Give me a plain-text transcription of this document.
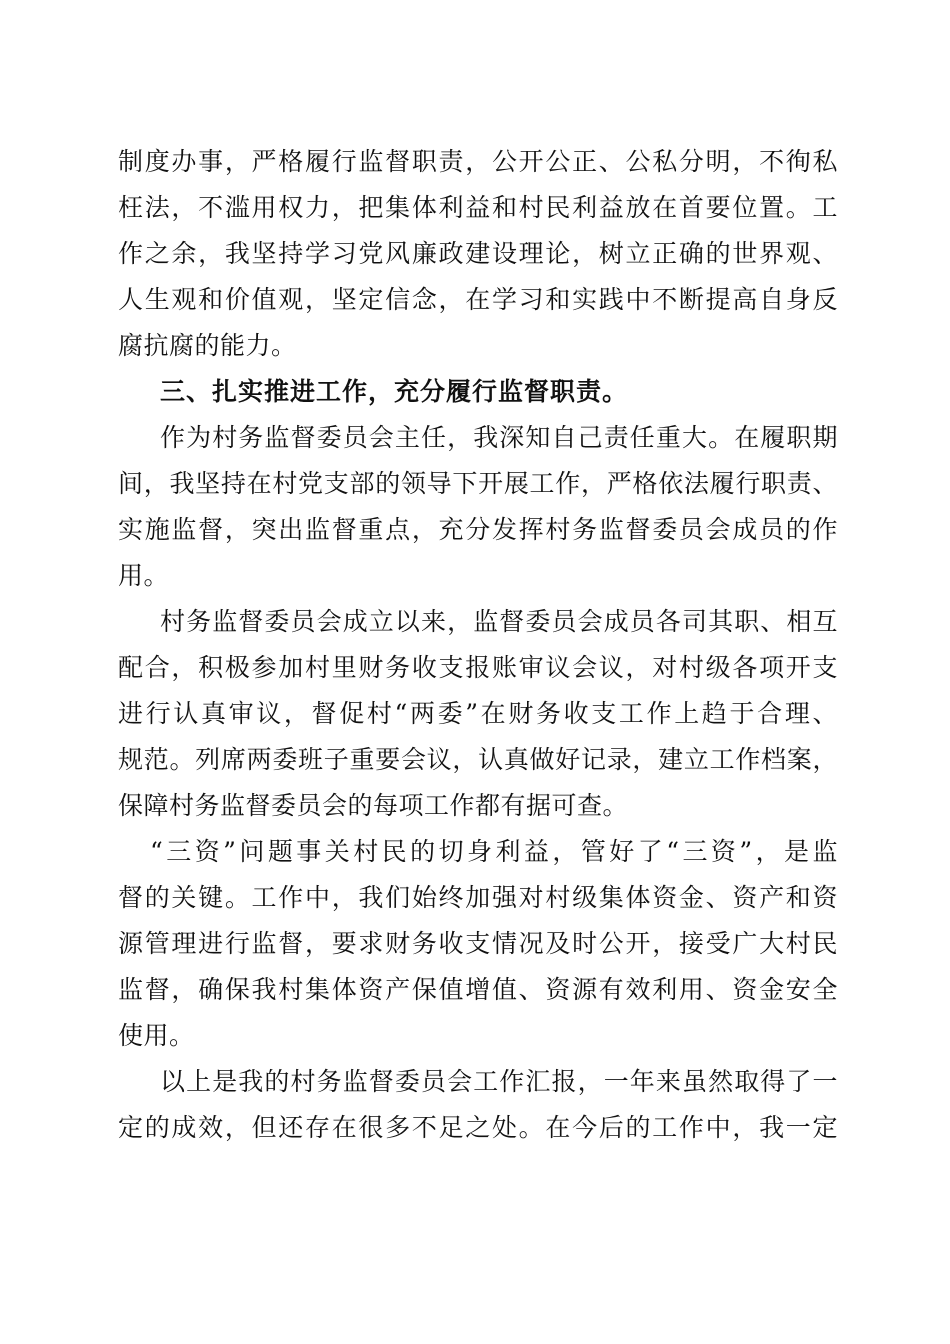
制度办事，严格履行监督职责，公开公正、公私分明，不徇私

枉法，不滥用权力，把集体利益和村民利益放在首要位置。工

作之余，我坚持学习党风廉政建设理论，树立正确的世界观、

人生观和价值观，坚定信念，在学习和实践中不断提高自身反

腐抗腐的能力。

三、扎实推进工作，充分履行监督职责。

作为村务监督委员会主任，我深知自己责任重大。在履职期

间，我坚持在村党支部的领导下开展工作，严格依法履行职责、

实施监督，突出监督重点，充分发挥村务监督委员会成员的作

用。

村务监督委员会成立以来，监督委员会成员各司其职、相互

配合，积极参加村里财务收支报账审议会议，对村级各项开支

进行认真审议，督促村“两委”在财务收支工作上趋于合理、

规范。列席两委班子重要会议，认真做好记录，建立工作档案，

保障村务监督委员会的每项工作都有据可查。

“三资”问题事关村民的切身利益，管好了“三资”，是监

督的关键。工作中，我们始终加强对村级集体资金、资产和资

源管理进行监督，要求财务收支情况及时公开，接受广大村民

监督，确保我村集体资产保值增值、资源有效利用、资金安全

使用。

以上是我的村务监督委员会工作汇报，一年来虽然取得了一

定的成效，但还存在很多不足之处。在今后的工作中，我一定
